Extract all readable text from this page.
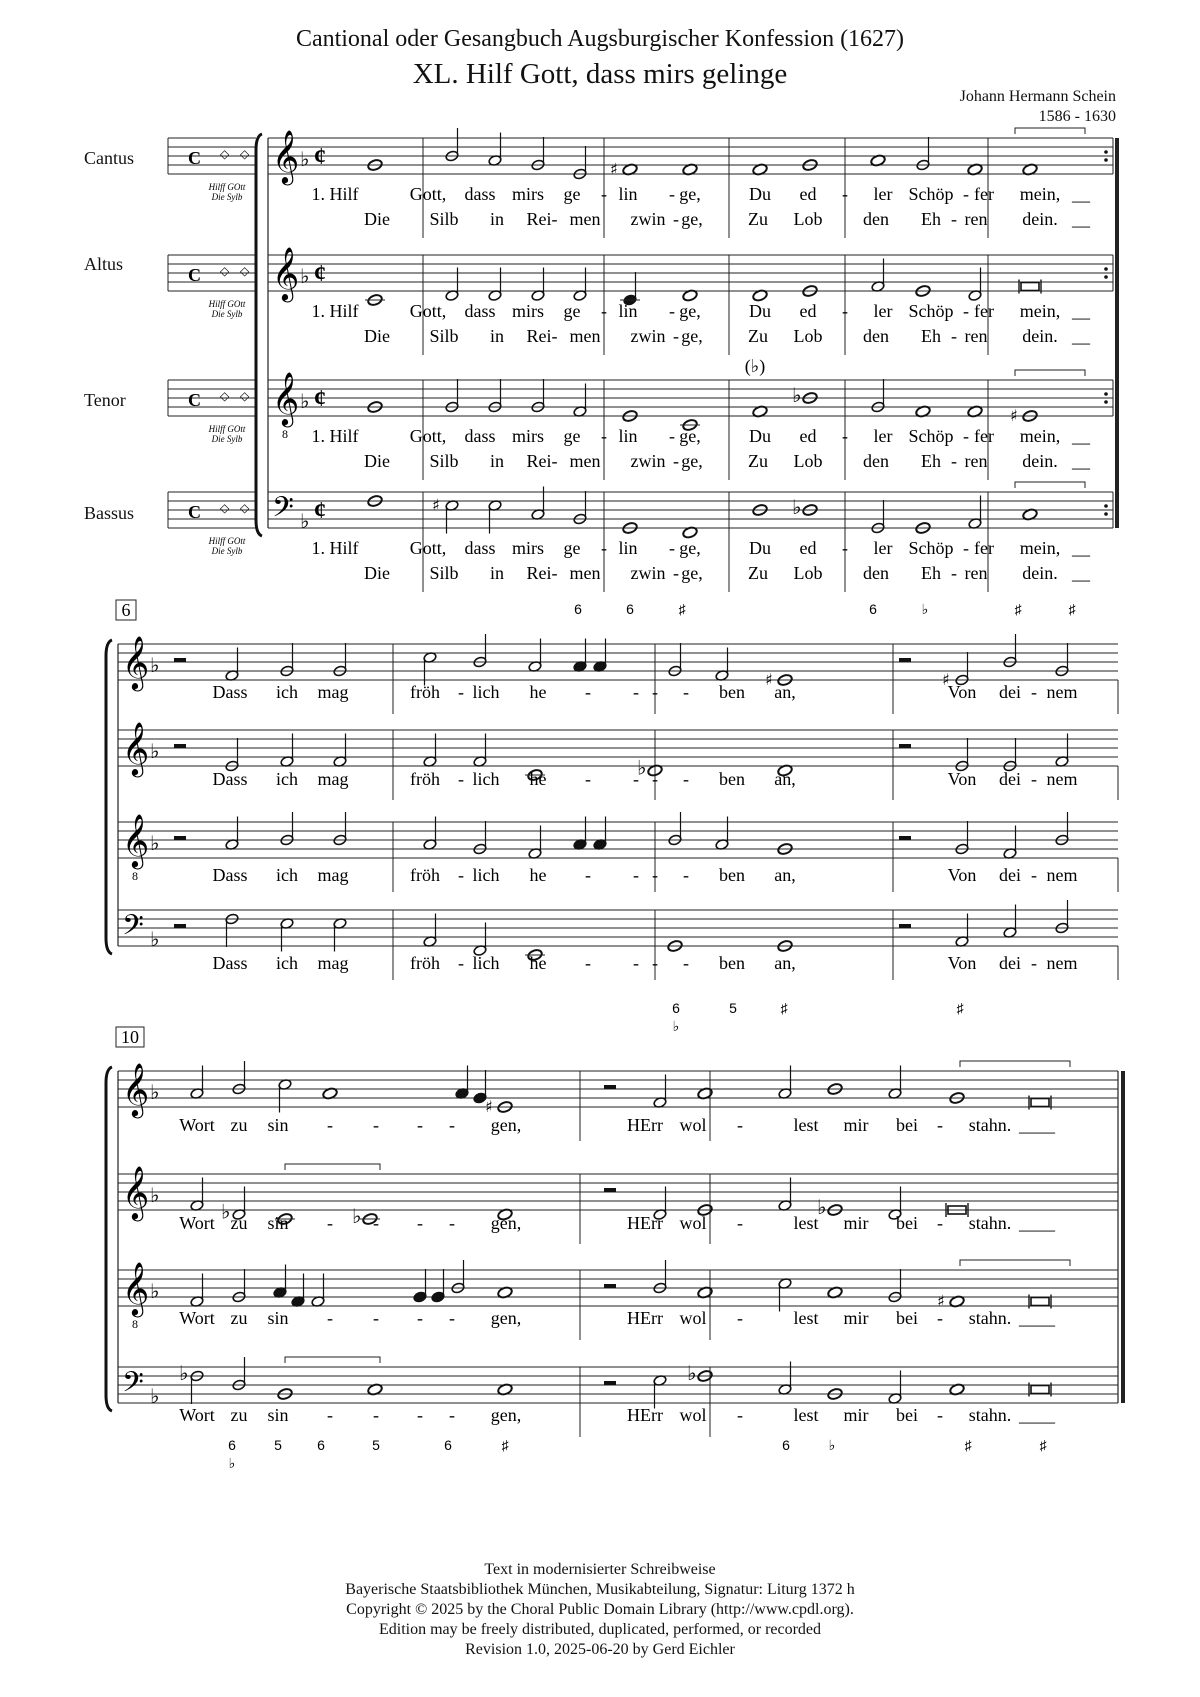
Cantional oder Gesangbuch Augsburgischer Konfession (1627)
XL. Hilf Gott, dass mirs gelinge
Johann Hermann Schein
1586 - 1630
Cantus
Altus
Tenor
Bassus
C ◇ ◇
Hilff GOtt
Die Sylb
𝄞 ♭ ¢
C ◇ ◇
Hilff GOtt
Die Sylb
𝄞 ♭ ¢
C ◇ ◇
Hilff GOtt
Die Sylb
𝄞
8
♭ ¢
C ◇ ◇
Hilff GOtt
Die Sylb
𝄢 ♭ ¢
♯
♭
♯
♯	♭
1. Hilf	Gott, dass mirs ge - lin - ge,	Du ed - ler Schöp - fer mein, __
Die Silb in Rei- men zwin - ge,	Zu Lob den Eh - ren dein. __
1. Hilf	Gott, dass mirs ge - lin - ge,	Du ed - ler Schöp - fer mein, __
Die Silb in Rei- men zwin - ge,	Zu Lob den Eh - ren dein. __
1. Hilf	Gott, dass mirs ge - lin - ge,	Du ed - ler Schöp - fer mein, __
Die Silb in Rei- men zwin - ge,	Zu Lob den Eh - ren dein. __
1. Hilf	Gott, dass mirs ge - lin - ge,	Du ed - ler Schöp - fer mein, __
Die Silb in Rei- men zwin - ge,	Zu Lob den Eh - ren dein. __
(♭)
6	6	♯	6	♭	♯	♯
𝄞 ♭
𝄞 ♭
𝄞
8
♭
𝄢 ♭
6
♯	♯
♭
Dass ich mag	fröh - lich he - - - - ben an,	Von dei - nem
Dass ich mag	fröh - lich he - - - - ben an,	Von dei - nem
Dass ich mag	fröh - lich he - - - - ben an,	Von dei - nem
Dass ich mag	fröh - lich he - - - - ben an,	Von dei - nem
6
♭
5	♯	♯
𝄞 ♭
𝄞 ♭
𝄞
8
♭
𝄢 ♭
10
♯
♭	♭	♭
♯
♭	♭
Wort zu sin - - - - gen,	HErr wol -	lest mir bei - stahn. ____
Wort zu sin - - - - gen,	HErr wol -	lest mir bei - stahn. ____
Wort zu sin - - - - gen,	HErr wol -	lest mir bei - stahn. ____
Wort zu sin - - - - gen,	HErr wol -	lest mir bei - stahn. ____
6
♭
5	6	5	6	♯	6	♭	♯	♯
Text in modernisierter Schreibweise
Bayerische Staatsbibliothek München, Musikabteilung, Signatur: Liturg 1372 h
Copyright © 2025 by the Choral Public Domain Library (http://www.cpdl.org).
Edition may be freely distributed, duplicated, performed, or recorded
Revision 1.0, 2025-06-20 by Gerd Eichler
